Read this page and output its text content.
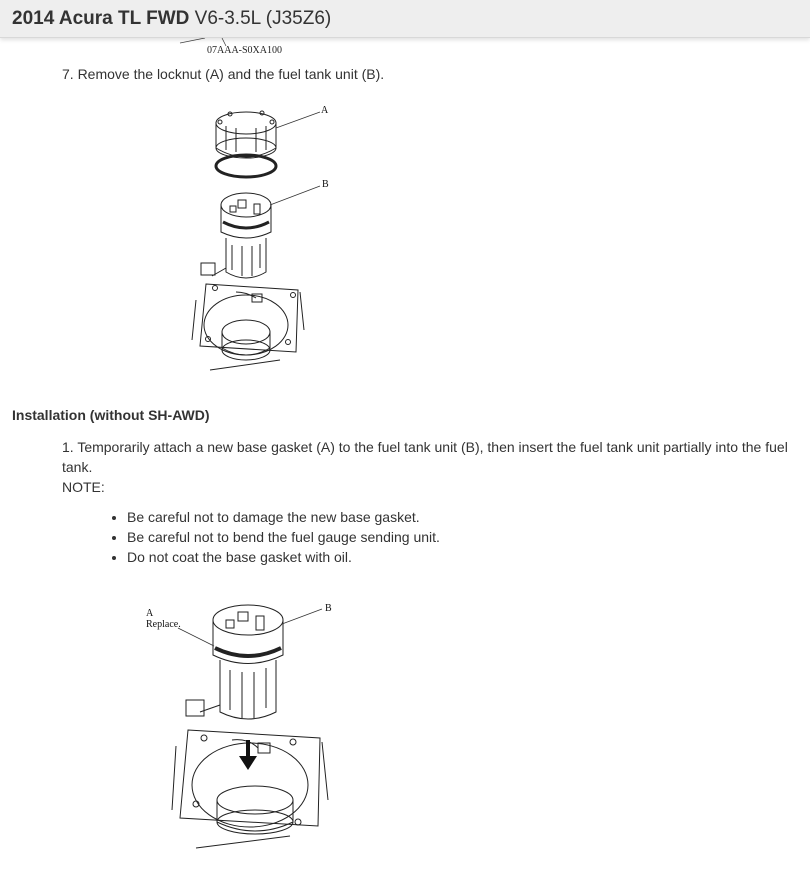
2014 Acura TL FWD V6-3.5L (J35Z6)
07AAA-S0XA100
7. Remove the locknut (A) and the fuel tank unit (B).
A
B
Installation (without SH-AWD)
1. Temporarily attach a new base gasket (A) to the fuel tank unit (B), then insert the fuel tank unit partially into the fuel tank.
NOTE:
• Be careful not to damage the new base gasket.
• Be careful not to bend the fuel gauge sending unit.
• Do not coat the base gasket with oil.
A
Replace.
B
